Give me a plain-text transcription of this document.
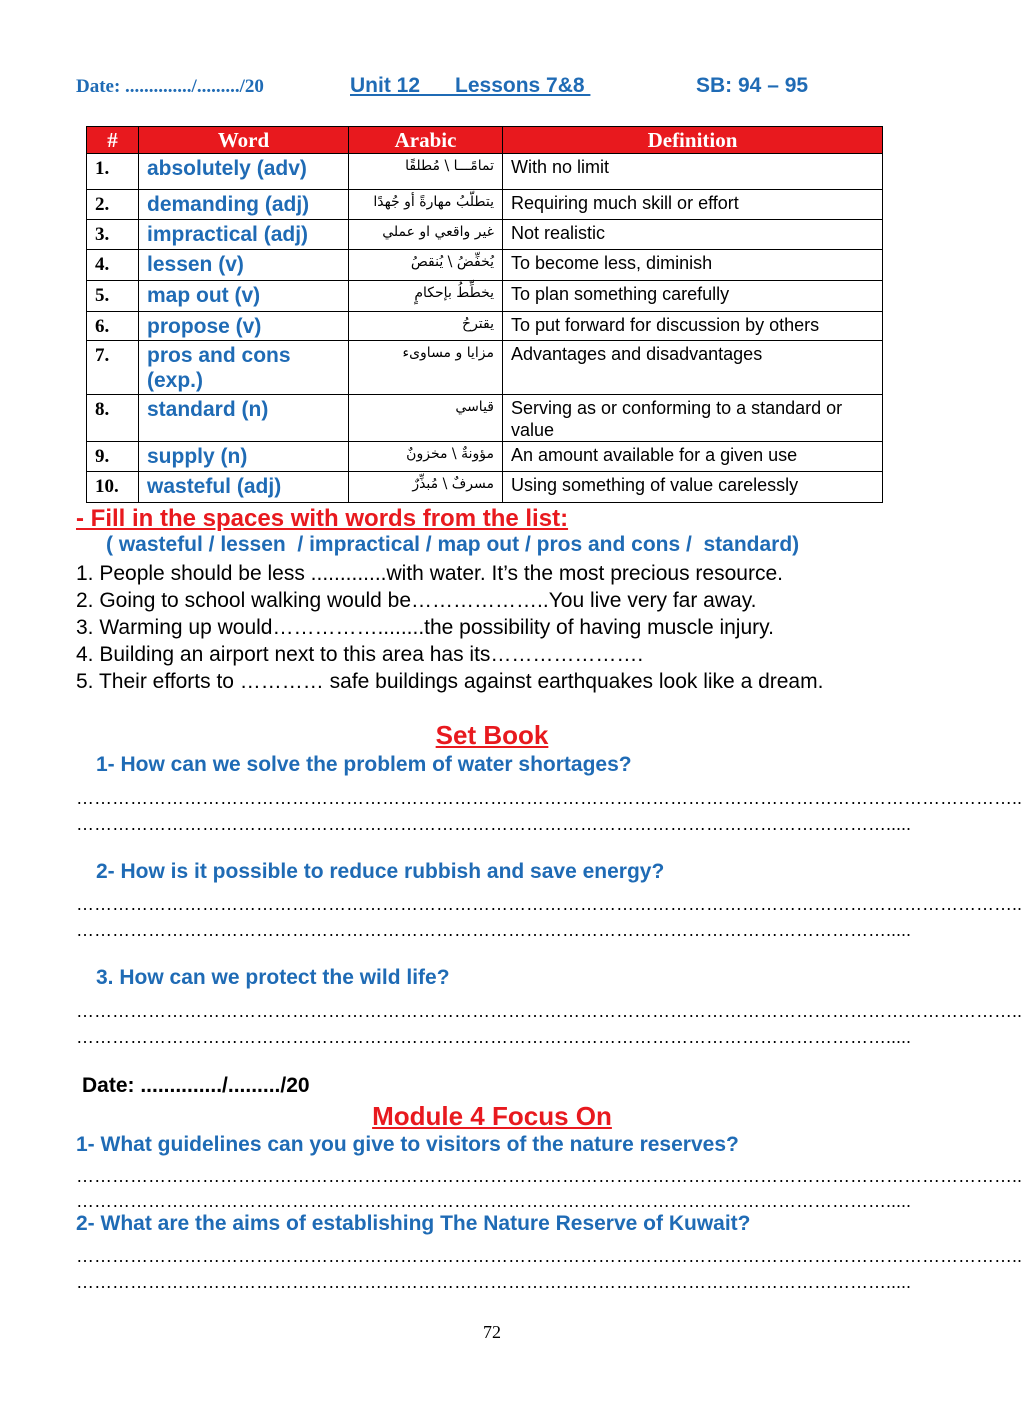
Date: ............../........./20	Unit 12      Lessons 7&8	SB: 94 – 95
#	Word	Arabic	Definition
1.	absolutely (adv)	تمامًـــا \ مُطلقًا	With no limit
2.	demanding (adj)	يتطلّبُ مهارةً أو جُهدًا	Requiring much skill or effort
3.	impractical (adj)	غير واقعي او عملي	Not realistic
4.	lessen (v)	يُخفِّضُ \ يُنقصُ	To become less, diminish
5.	map out (v)	يخطِّطُ بإحكامٍ	To plan something carefully
6.	propose (v)	يقترحُ	To put forward for discussion by others
7.	pros and cons (exp.)	مزايا و مساوىء	Advantages and disadvantages
8.	standard (n)	قياسي	Serving as or conforming to a standard or value
9.	supply (n)	مؤونةٌ \ مخزونٌ	An amount available for a given use
10.	wasteful (adj)	مسرفٌ \ مُبذِّرٌ	Using something of value carelessly
- Fill in the spaces with words from the list:
( wasteful / lessen  / impractical / map out / pros and cons /  standard)
1. People should be less .............with water. It’s the most precious resource.
2. Going to school walking would be………………..You live very far away.
3. Warming up would……………........the possibility of having muscle injury.
4. Building an airport next to this area has its………………….
5. Their efforts to ………… safe buildings against earthquakes look like a dream.
Set Book
1- How can we solve the problem of water shortages?
…………………………………………………………………………………………………………………………………………..
……………………………………………………………………………………………………………………….....
2- How is it possible to reduce rubbish and save energy?
…………………………………………………………………………………………………………………………………………..
……………………………………………………………………………………………………………………….....
3. How can we protect the wild life?
…………………………………………………………………………………………………………………………………………..
……………………………………………………………………………………………………………………….....
Date: ............../........./20
Module 4 Focus On
1- What guidelines can you give to visitors of the nature reserves?
…………………………………………………………………………………………………………………………………………..
……………………………………………………………………………………………………………………….....
2- What are the aims of establishing The Nature Reserve of Kuwait?
…………………………………………………………………………………………………………………………………………..
……………………………………………………………………………………………………………………….....
72
